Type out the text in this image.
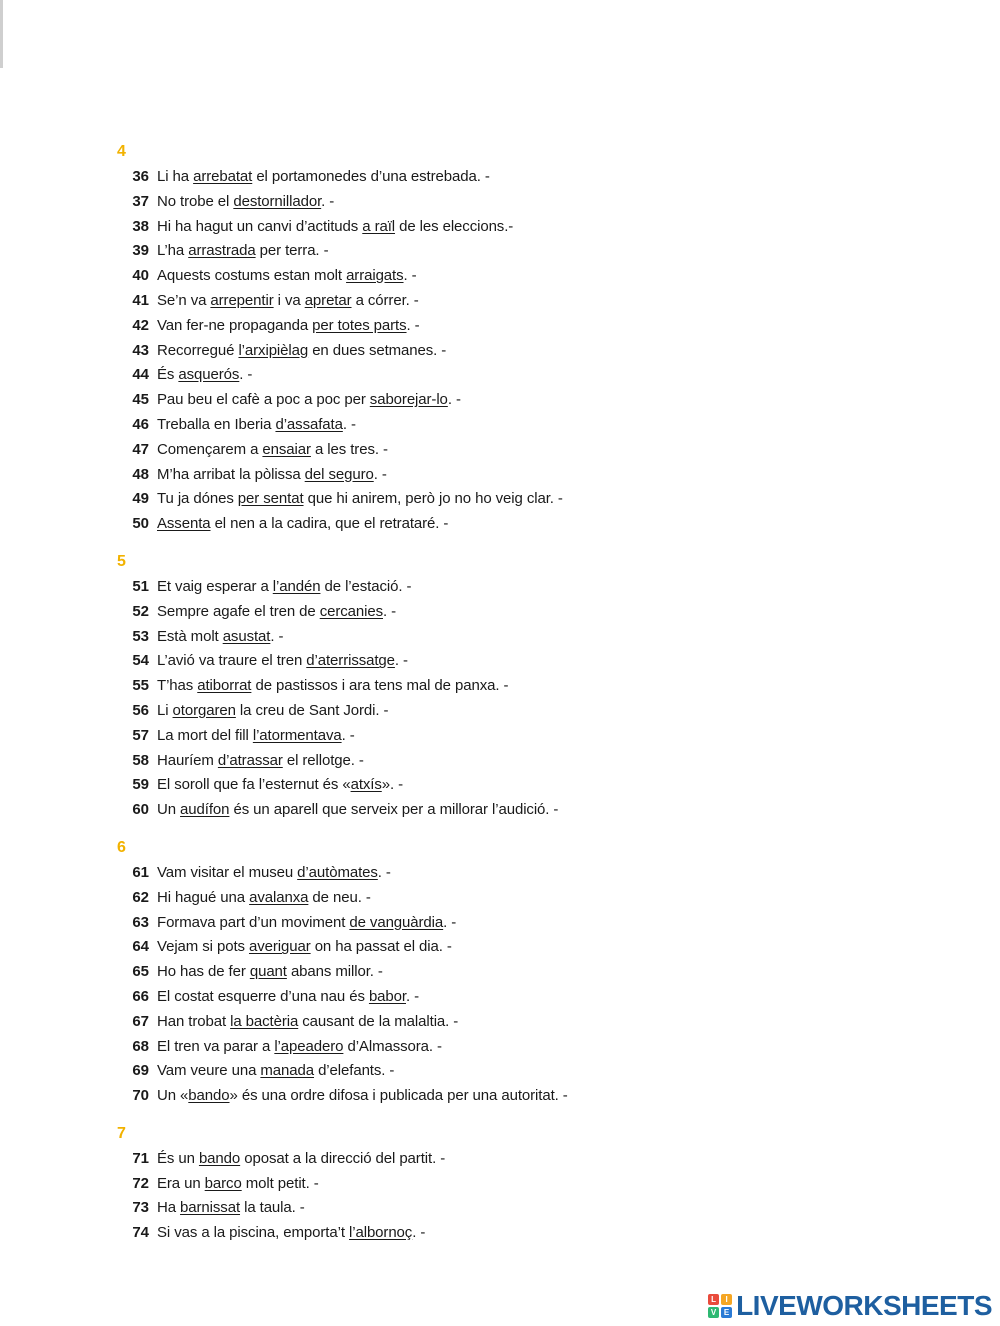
4
36 Li ha arrebatat el portamonedes d’una estrebada. -
37 No trobe el destornillador. -
38 Hi ha hagut un canvi d’actituds a raïl de les eleccions.-
39 L’ha arrastrada per terra. -
40 Aquests costums estan molt arraigats. -
41 Se’n va arrepentir i va apretar a córrer. -
42 Van fer-ne propaganda per totes parts. -
43 Recorregué l’arxipièlag en dues setmanes. -
44 És asquerós. -
45 Pau beu el cafè a poc a poc per saborejar-lo. -
46 Treballa en Iberia d’assafata. -
47 Començarem a ensaiar a les tres. -
48 M’ha arribat la pòlissa del seguro. -
49 Tu ja dónes per sentat que hi anirem, però jo no ho veig clar. -
50 Assenta el nen a la cadira, que el retrataré. -
5
51 Et vaig esperar a l’andén de l’estació. -
52 Sempre agafe el tren de cercanies. -
53 Està molt asustat. -
54 L’avió va traure el tren d’aterrissatge. -
55 T’has atiborrat de pastissos i ara tens mal de panxa. -
56 Li otorgaren la creu de Sant Jordi. -
57 La mort del fill l’atormentava. -
58 Hauríem d’atrassar el rellotge. -
59 El soroll que fa l’esternut és «atxís». -
60 Un audífon és un aparell que serveix per a millorar l’audició. -
6
61 Vam visitar el museu d’autòmates. -
62 Hi hagué una avalanxa de neu. -
63 Formava part d’un moviment de vanguàrdia. -
64 Vejam si pots averiguar on ha passat el dia. -
65 Ho has de fer quant abans millor. -
66 El costat esquerre d’una nau és babor. -
67 Han trobat la bactèria causant de la malaltia. -
68 El tren va parar a l’apeadero d’Almassora. -
69 Vam veure una manada d’elefants. -
70 Un «bando» és una ordre difosa i publicada per una autoritat. -
7
71 És un bando oposat a la direcció del partit. -
72 Era un barco molt petit. -
73 Ha barnissat la taula. -
74 Si vas a la piscina, emporta’t l’albornoç. -
L	I
V E LIVEWORKSHEETS
